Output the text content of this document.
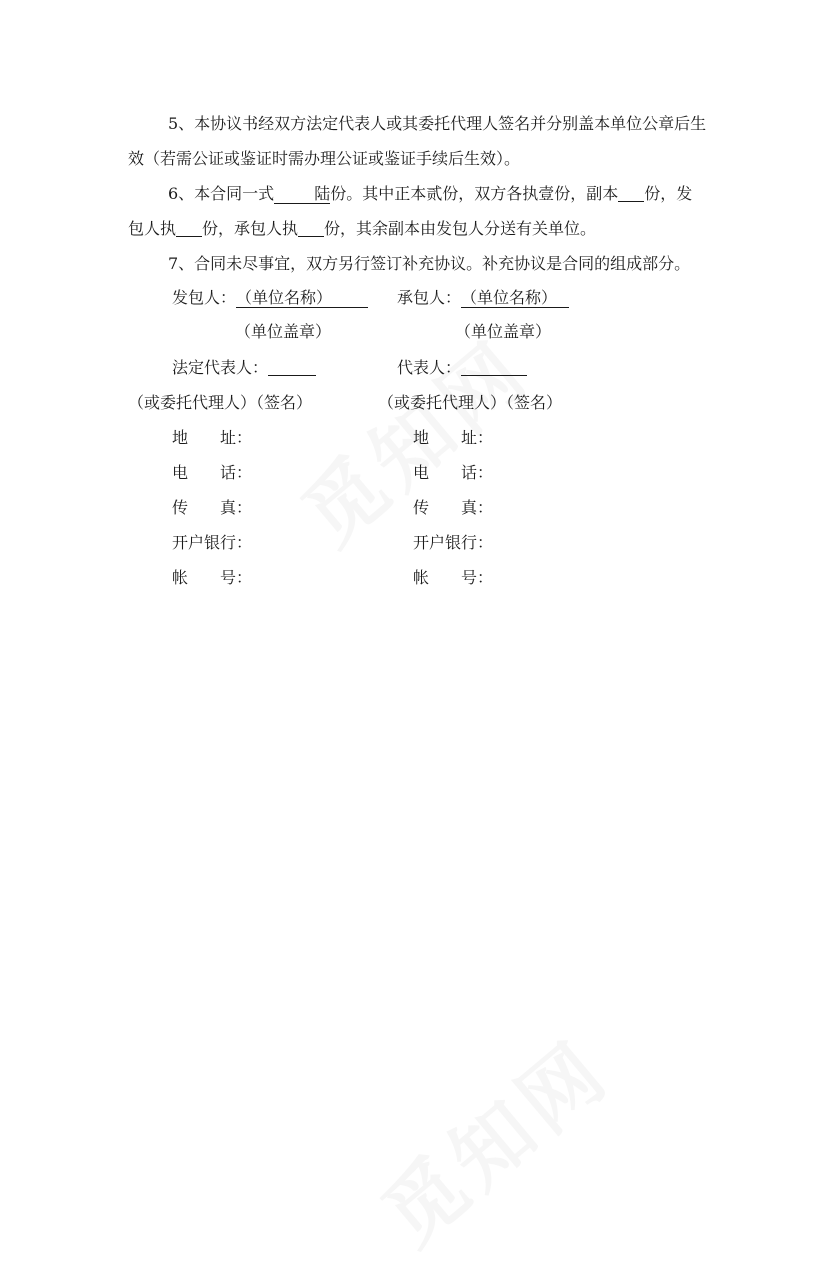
5、本协议书经双方法定代表人或其委托代理人签名并分别盖本单位公章后生效（若需公证或鉴证时需办理公证或鉴证手续后生效）。

6、本合同一式	陆份。其中正本贰份，双方各执壹份，副本 份，发包人执 份，承包人执 份，其余副本由发包人分送有关单位。

7、合同未尽事宜，双方另行签订补充协议。补充协议是合同的组成部分。

发包人：（单位名称）
（单位盖章）
法定代表人：
（或委托代理人）（签名）
地　　址：
电　　话：
传　　真：
开户银行：
帐　　号：
承包人：（单位名称）
（单位盖章）
代表人：
（或委托代理人）（签名）
地　　址：
电　　话：
传　　真：
开户银行：
帐　　号：
